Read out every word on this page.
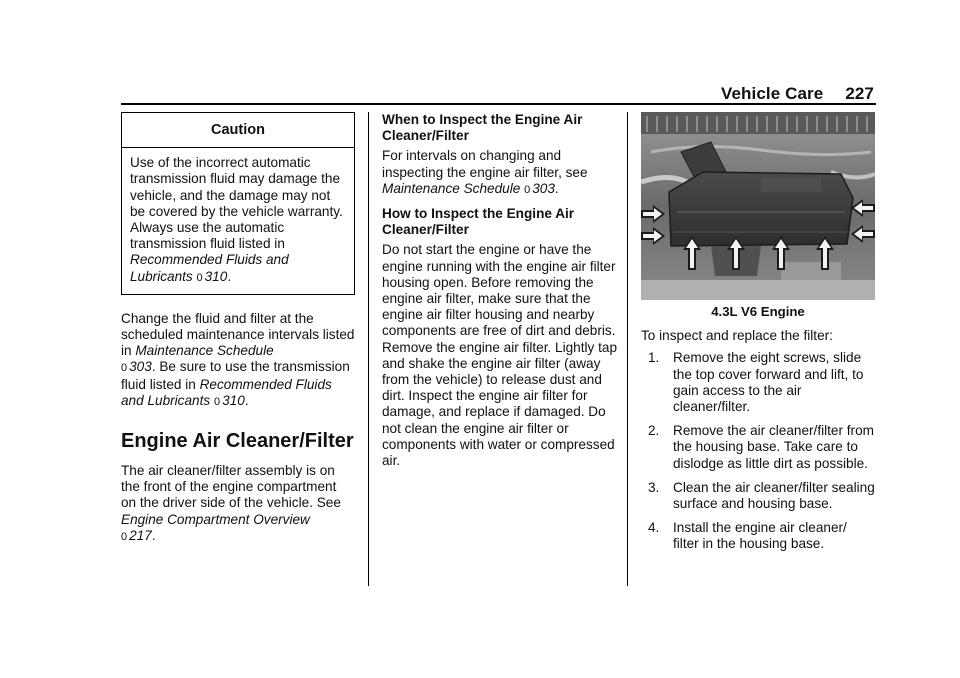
Vehicle Care 227
Caution
Use of the incorrect automatic transmission fluid may damage the vehicle, and the damage may not be covered by the vehicle warranty. Always use the automatic transmission fluid listed in Recommended Fluids and Lubricants 0 310.

Change the fluid and filter at the scheduled maintenance intervals listed in Maintenance Schedule
0 303. Be sure to use the transmission fluid listed in Recommended Fluids and Lubricants 0 310.

Engine Air Cleaner/Filter

The air cleaner/filter assembly is on the front of the engine compartment on the driver side of the vehicle. See Engine Compartment Overview
0 217.

When to Inspect the Engine Air Cleaner/Filter

For intervals on changing and inspecting the engine air filter, see Maintenance Schedule 0 303.

How to Inspect the Engine Air Cleaner/Filter

Do not start the engine or have the engine running with the engine air filter housing open. Before removing the engine air filter, make sure that the engine air filter housing and nearby components are free of dirt and debris. Remove the engine air filter. Lightly tap and shake the engine air filter (away from the vehicle) to release dust and dirt. Inspect the engine air filter for damage, and replace if damaged. Do not clean the engine air filter or components with water or compressed air.

4.3L V6 Engine

To inspect and replace the filter:

1. Remove the eight screws, slide the top cover forward and lift, to gain access to the air cleaner/filter.
2. Remove the air cleaner/filter from the housing base. Take care to dislodge as little dirt as possible.
3. Clean the air cleaner/filter sealing surface and housing base.
4. Install the engine air cleaner/ filter in the housing base.
